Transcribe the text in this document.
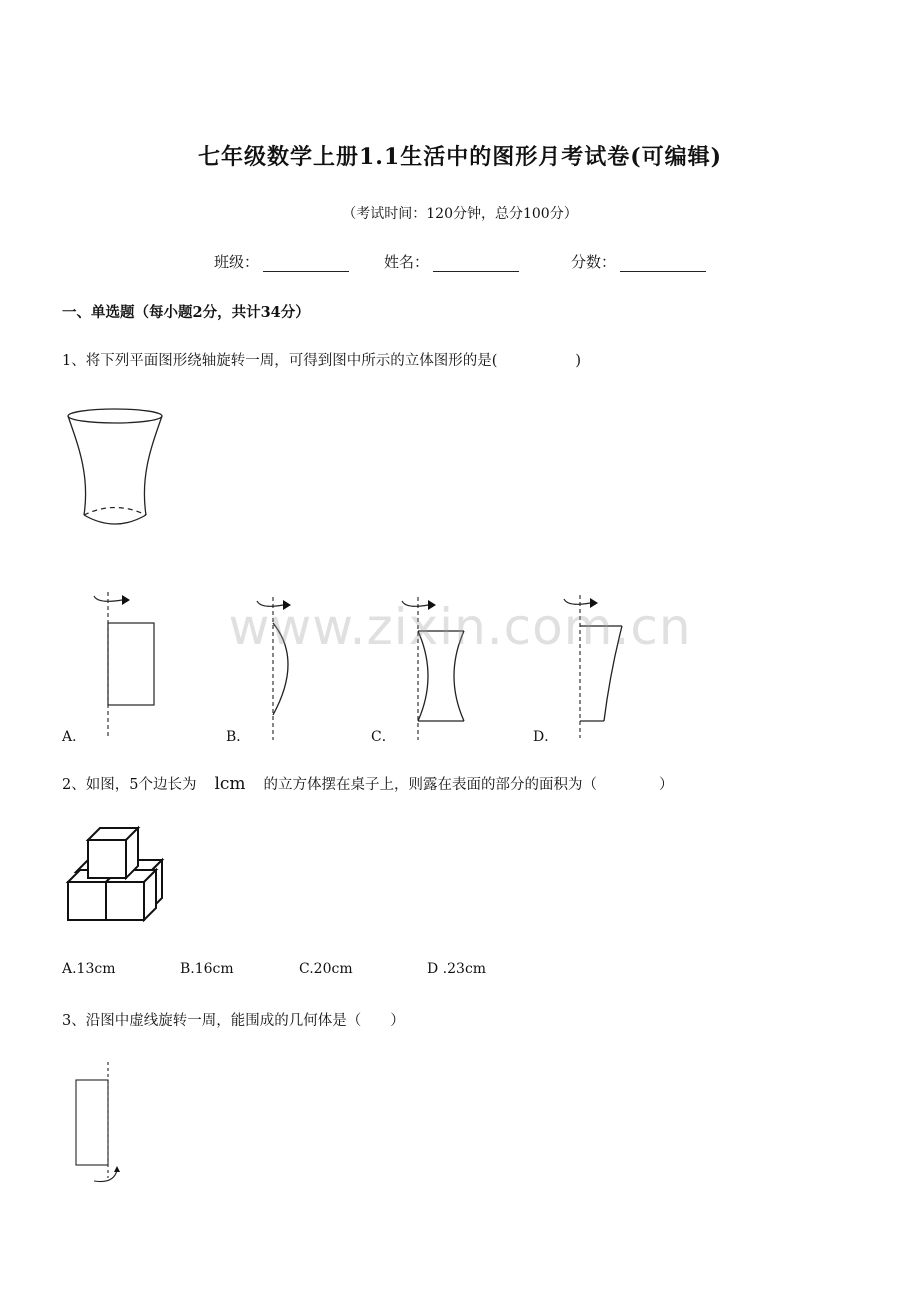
七年级数学上册1.1生活中的图形月考试卷(可编辑)
（考试时间：120分钟，总分100分）
班级：	姓名：	分数：
一、单选题（每小题2分，共计34分）
1、将下列平面图形绕轴旋转一周，可得到图中所示的立体图形的是(	)
A．	B．	C．	D．
www.zixin.com.cn
2、如图，5个边长为 lcm 的立方体摆在桌子上，则露在表面的部分的面积为（	）
A.13cm	B.16cm	C.20cm	D .23cm
3、沿图中虚线旋转一周，能围成的几何体是（　　）
